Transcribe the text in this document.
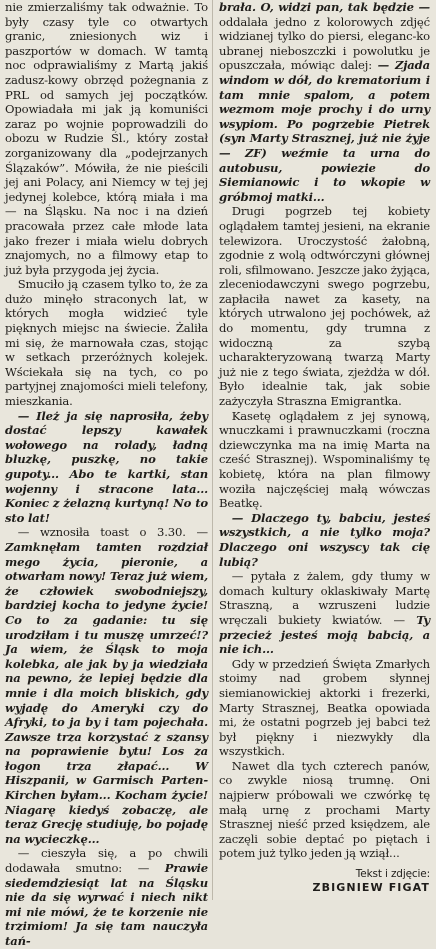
nie zmierzaliśmy tak odważnie. To były czasy tyle co otwartych granic, zniesionych wiz i paszportów w domach. W tamtą noc odprawialiśmy z Martą jakiś zadusz-kowy obrzęd pożegnania z PRL od samych jej początków. Opowiadała mi jak ją komuniści zaraz po wojnie poprowadzili do obozu w Rudzie Śl., który został zorganizowany dla „podejrzanych Ślązaków”. Mówiła, że nie pieścili jej ani Polacy, ani Niemcy w tej jej jedynej kolebce, którą miała i ma — na Śląsku. Na noc i na dzień pracowała przez całe młode lata jako frezer i miała wielu dobrych znajomych, no a filmowy etap to już była przygoda jej życia.

Smuciło ją czasem tylko to, że za dużo minęło straconych lat, w których mogła widzieć tyle pięknych miejsc na świecie. Żaliła mi się, że marnowała czas, stojąc w setkach przeróżnych kolejek. Wściekała się na tych, co po partyjnej znajomości mieli telefony, mieszkania.

— Ileż ja się naprosiła, żeby dostać lepszy kawałek wołowego na rolady, ładną bluzkę, puszkę, no takie gupoty... Abo te kartki, stan wojenny i stracone lata... Koniec z żelazną kurtyną! No to sto lat!

— wznosiła toast o 3.30. — Zamknęłam tamten rozdział mego życia, pieronie, a otwarłam nowy! Teraz już wiem, że człowiek swobodniejszy, bardziej kocha to jedyne życie! Co to za gadanie: tu się urodziłam i tu muszę umrzeć!? Ja wiem, że Śląsk to moja kolebka, ale jak by ja wiedziała na pewno, że lepiej będzie dla mnie i dla moich bliskich, gdy wyjadę do Ameryki czy do Afryki, to ja by i tam pojechała. Zawsze trza korzystać z szansy na poprawienie bytu! Los za łogon trza złapać... W Hiszpanii, w Garmisch Parten-Kirchen byłam... Kocham życie! Niagarę kiedyś zobaczę, ale teraz Grecję studiuję, bo pojadę na wycieczkę...

— cieszyła się, a po chwili dodawała smutno: — Prawie siedemdziesiąt lat na Śląsku nie da się wyrwać i niech nikt mi nie mówi, że te korzenie nie trzimiom! Ja się tam nauczyła tań-

brała. O, widzi pan, tak będzie — oddalała jedno z kolorowych zdjęć widzianej tylko do piersi, eleganc-ko ubranej nieboszczki i powolutku je opuszczała, mówiąc dalej: — Zjada windom w dół, do krematorium i tam mnie spalom, a potem wezmom moje prochy i do urny wsypiom. Po pogrzebie Pietrek (syn Marty Strasznej, już nie żyje — ZF) weźmie ta urna do autobusu, powiezie do Siemianowic i to wkopie w gróbmoj matki...

Drugi pogrzeb tej kobiety oglądałem tamtej jesieni, na ekranie telewizora. Uroczystość żałobną, zgodnie z wolą odtwórczyni głównej roli, sfilmowano. Jeszcze jako żyjąca, zleceniodawczyni swego pogrzebu, zapłaciła nawet za kasety, na których utrwalono jej pochówek, aż do momentu, gdy trumna z widoczną za szybą ucharakteryzowaną twarzą Marty już nie z tego świata, zjeżdża w dół. Było idealnie tak, jak sobie zażyczyła Straszna Emigrantka.

Kasetę oglądałem z jej synową, wnuczkami i prawnuczkami (roczna dziewczynka ma na imię Marta na cześć Strasznej). Wspominaliśmy tę kobietę, która na plan filmowy woziła najczęściej małą wówczas Beatkę.

— Dlaczego ty, babciu, jesteś wszystkich, a nie tylko moja? Dlaczego oni wszyscy tak cię lubią?

— pytała z żalem, gdy tłumy w domach kultury oklaskiwały Martę Straszną, a wzruszeni ludzie wręczali bukiety kwiatów. — Ty przecież jesteś moją babcią, a nie ich...

Gdy w przedzień Święta Zmarłych stoimy nad grobem słynnej siemianowickiej aktorki i frezerki, Marty Strasznej, Beatka opowiada mi, że ostatni pogrzeb jej babci też był piękny i niezwykły dla wszystkich.

Nawet dla tych czterech panów, co zwykle niosą trumnę. Oni najpierw próbowali we czwórkę tę małą urnę z prochami Marty Strasznej nieść przed księdzem, ale zaczęli sobie deptać po piętach i potem już tylko jeden ją wziął...

Tekst i zdjęcie:
ZBIGNIEW FIGAT
